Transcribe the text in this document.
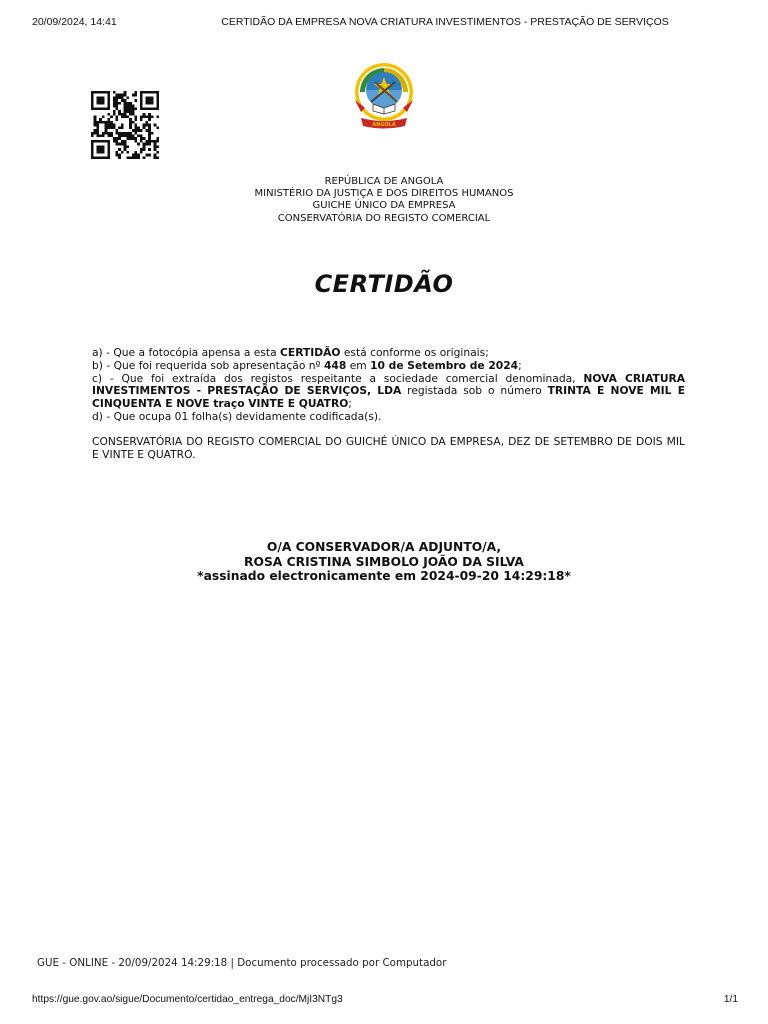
20/09/2024, 14:41	CERTIDÃO DA EMPRESA NOVA CRIATURA INVESTIMENTOS - PRESTAÇÃO DE SERVIÇOS
ANGOLA
REPÚBLICA DE ANGOLA
MINISTÉRIO DA JUSTIÇA E DOS DIREITOS HUMANOS
GUICHE ÚNICO DA EMPRESA
CONSERVATÓRIA DO REGISTO COMERCIAL
CERTIDÃO

a) - Que a fotocópia apensa a esta CERTIDÃO está conforme os originais;

b) - Que foi requerida sob apresentação nº 448 em 10 de Setembro de 2024;

c) - Que foi extraída dos registos respeitante a sociedade comercial denominada, NOVA CRIATURA INVESTIMENTOS - PRESTAÇÃO DE SERVIÇOS, LDA registada sob o número TRINTA E NOVE MIL E CINQUENTA E NOVE traço VINTE E QUATRO;

d) - Que ocupa 01 folha(s) devidamente codificada(s).

CONSERVATÓRIA DO REGISTO COMERCIAL DO GUICHÉ ÚNICO DA EMPRESA, DEZ DE SETEMBRO DE DOIS MIL E VINTE E QUATRO.

O/A CONSERVADOR/A ADJUNTO/A,
ROSA CRISTINA SIMBOLO JOÃO DA SILVA
*assinado electronicamente em 2024-09-20 14:29:18*
GUE - ONLINE - 20/09/2024 14:29:18 | Documento processado por Computador
https://gue.gov.ao/sigue/Documento/certidao_entrega_doc/MjI3NTg3	1/1
